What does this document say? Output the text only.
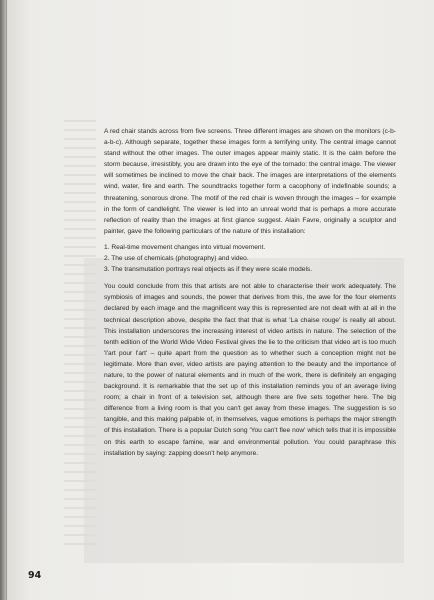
A red chair stands across from five screens. Three different images are shown on the monitors (c-b-a-b-c). Although separate, together these images form a terrifying unity. The central image cannot stand without the other images. The outer images appear mainly static. It is the calm before the storm because, irresistibly, you are drawn into the eye of the tornado: the central image. The viewer will sometimes be inclined to move the chair back. The images are interpretations of the elements wind, water, fire and earth. The soundtracks together form a cacophony of indefinable sounds; a threatening, sonorous drone. The motif of the red chair is woven through the images – for example in the form of candlelight. The viewer is led into an unreal world that is perhaps a more accurate reflection of reality than the images at first glance suggest. Alain Favre, originally a sculptor and painter, gave the following particulars of the nature of this installation:

1. Real-time movement changes into virtual movement.
2. The use of chemicals (photography) and video.
3. The transmutation portrays real objects as if they were scale models.

You could conclude from this that artists are not able to characterise their work adequately. The symbiosis of images and sounds, the power that derives from this, the awe for the four elements declared by each image and the magnificent way this is represented are not dealt with at all in the technical description above, despite the fact that that is what 'La chaise rouge' is really all about. This installation underscores the increasing interest of video artists in nature. The selection of the tenth edition of the World Wide Video Festival gives the lie to the criticism that video art is too much 'l'art pour l'art' – quite apart from the question as to whether such a conception might not be legitimate. More than ever, video artists are paying attention to the beauty and the importance of nature, to the power of natural elements and in much of the work, there is definitely an engaging background. It is remarkable that the set up of this installation reminds you of an average living room; a chair in front of a television set, although there are five sets together here. The big difference from a living room is that you can't get away from these images. The suggestion is so tangible, and this making palpable of, in themselves, vague emotions is perhaps the major strength of this installation. There is a popular Dutch song 'You can't flee now' which tells that it is impossible on this earth to escape famine, war and environmental pollution. You could paraphrase this installation by saying: zapping doesn't help anymore.

94
